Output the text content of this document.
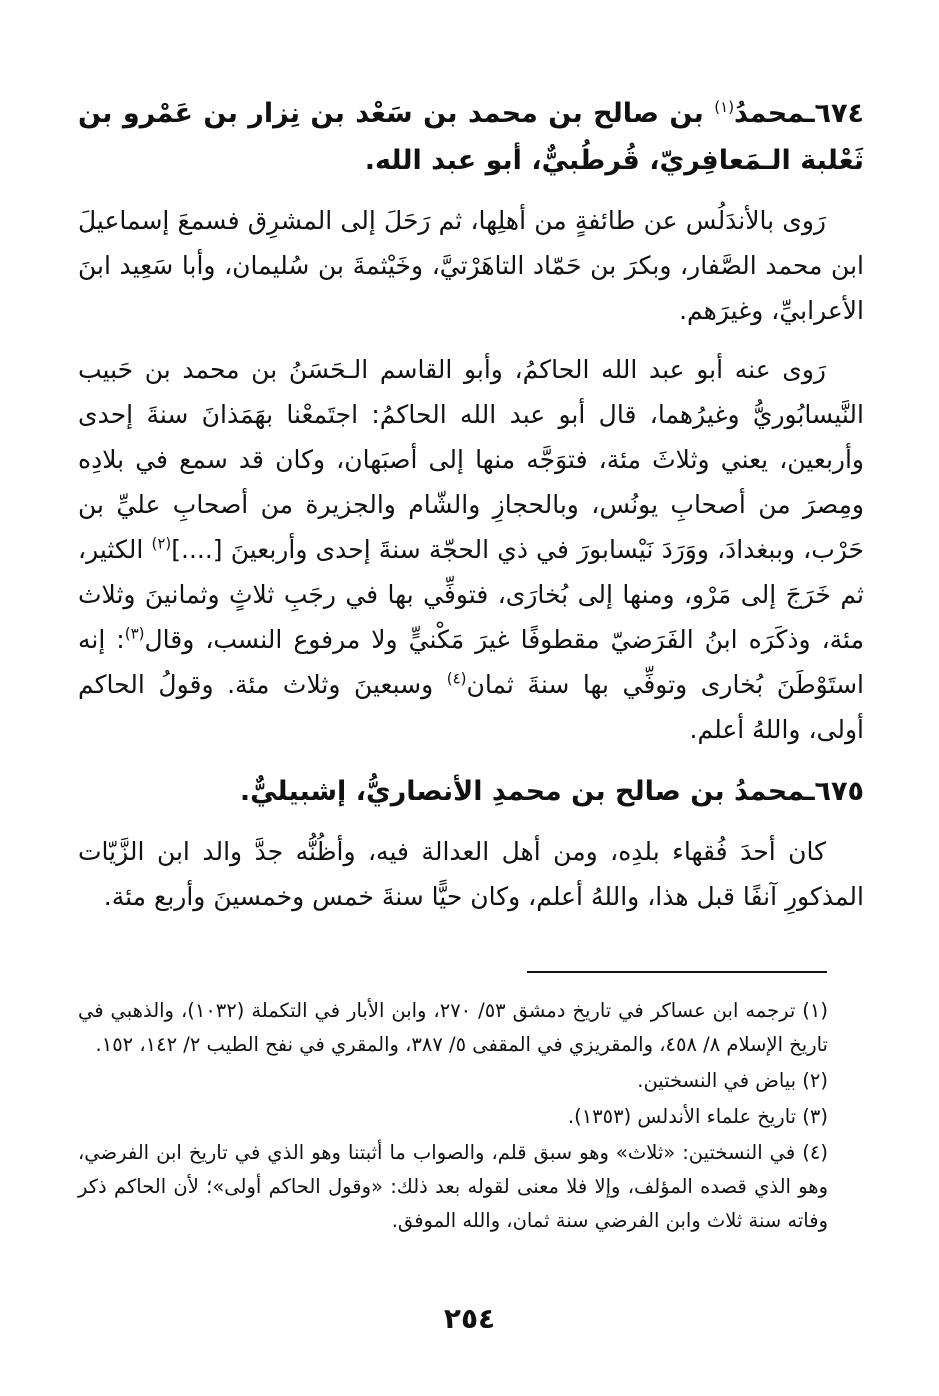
٦٧٤ـمحمدُ$^{(١)}$ بن صالح بن محمد بن سَعْد بن نِزار بن عَمْرو بن ثَعْلبة الـمَعافِريّ، قُرطُبيٌّ، أبو عبد الله.

رَوى بالأندَلُس عن طائفةٍ من أهلِها، ثم رَحَلَ إلى المشرِق فسمعَ إسماعيلَ ابن محمد الصَّفار، وبكرَ بن حَمّاد التاهَرْتيَّ، وخَيْثمةَ بن سُليمان، وأبا سَعِيد ابنَ الأعرابيِّ، وغيرَهم.

رَوى عنه أبو عبد الله الحاكمُ، وأبو القاسم الـحَسَنُ بن محمد بن حَبيب النَّيسابُوريُّ وغيرُهما، قال أبو عبد الله الحاكمُ: اجتَمعْنا بهَمَذانَ سنةَ إحدى وأربعين، يعني وثلاثَ مئة، فتوَجَّه منها إلى أصبَهان، وكان قد سمع في بلادِه ومِصرَ من أصحابِ يونُس، وبالحجازِ والشّام والجزيرة من أصحابِ عليِّ بن حَرْب، وببغدادَ، ووَرَدَ نَيْسابورَ في ذي الحجّة سنةَ إحدى وأربعينَ [....]$^{(٢)}$ الكثير، ثم خَرَجَ إلى مَرْو، ومنها إلى بُخارَى، فتوفِّي بها في رجَبِ ثلاثٍ وثمانينَ وثلاث مئة، وذكَرَه ابنُ الفَرَضيّ مقطوفًا غيرَ مَكْنيٍّ ولا مرفوع النسب، وقال$^{(٣)}$: إنه استَوْطَنَ بُخارى وتوفِّي بها سنةَ ثمان$^{(٤)}$ وسبعينَ وثلاث مئة. وقولُ الحاكم أولى، واللهُ أعلم.

٦٧٥ـمحمدُ بن صالح بن محمدِ الأنصاريُّ، إشبيليٌّ.

كان أحدَ فُقهاء بلدِه، ومن أهل العدالة فيه، وأظُنُّه جدَّ والد ابن الزَّيّات المذكورِ آنفًا قبل هذا، واللهُ أعلم، وكان حيًّا سنةَ خمس وخمسينَ وأربع مئة.

(١) ترجمه ابن عساكر في تاريخ دمشق ٥٣/ ٢٧٠، وابن الأبار في التكملة (١٠٣٢)، والذهبي في تاريخ الإسلام ٨/ ٤٥٨، والمقريزي في المقفى ٥/ ٣٨٧، والمقري في نفح الطيب ٢/ ١٤٢، ١٥٢.

(٢) بياض في النسختين.

(٣) تاريخ علماء الأندلس (١٣٥٣).

(٤) في النسختين: «ثلاث» وهو سبق قلم، والصواب ما أثبتنا وهو الذي في تاريخ ابن الفرضي، وهو الذي قصده المؤلف، وإلا فلا معنى لقوله بعد ذلك: «وقول الحاكم أولى»؛ لأن الحاكم ذكر وفاته سنة ثلاث وابن الفرضي سنة ثمان، والله الموفق.

٢٥٤
